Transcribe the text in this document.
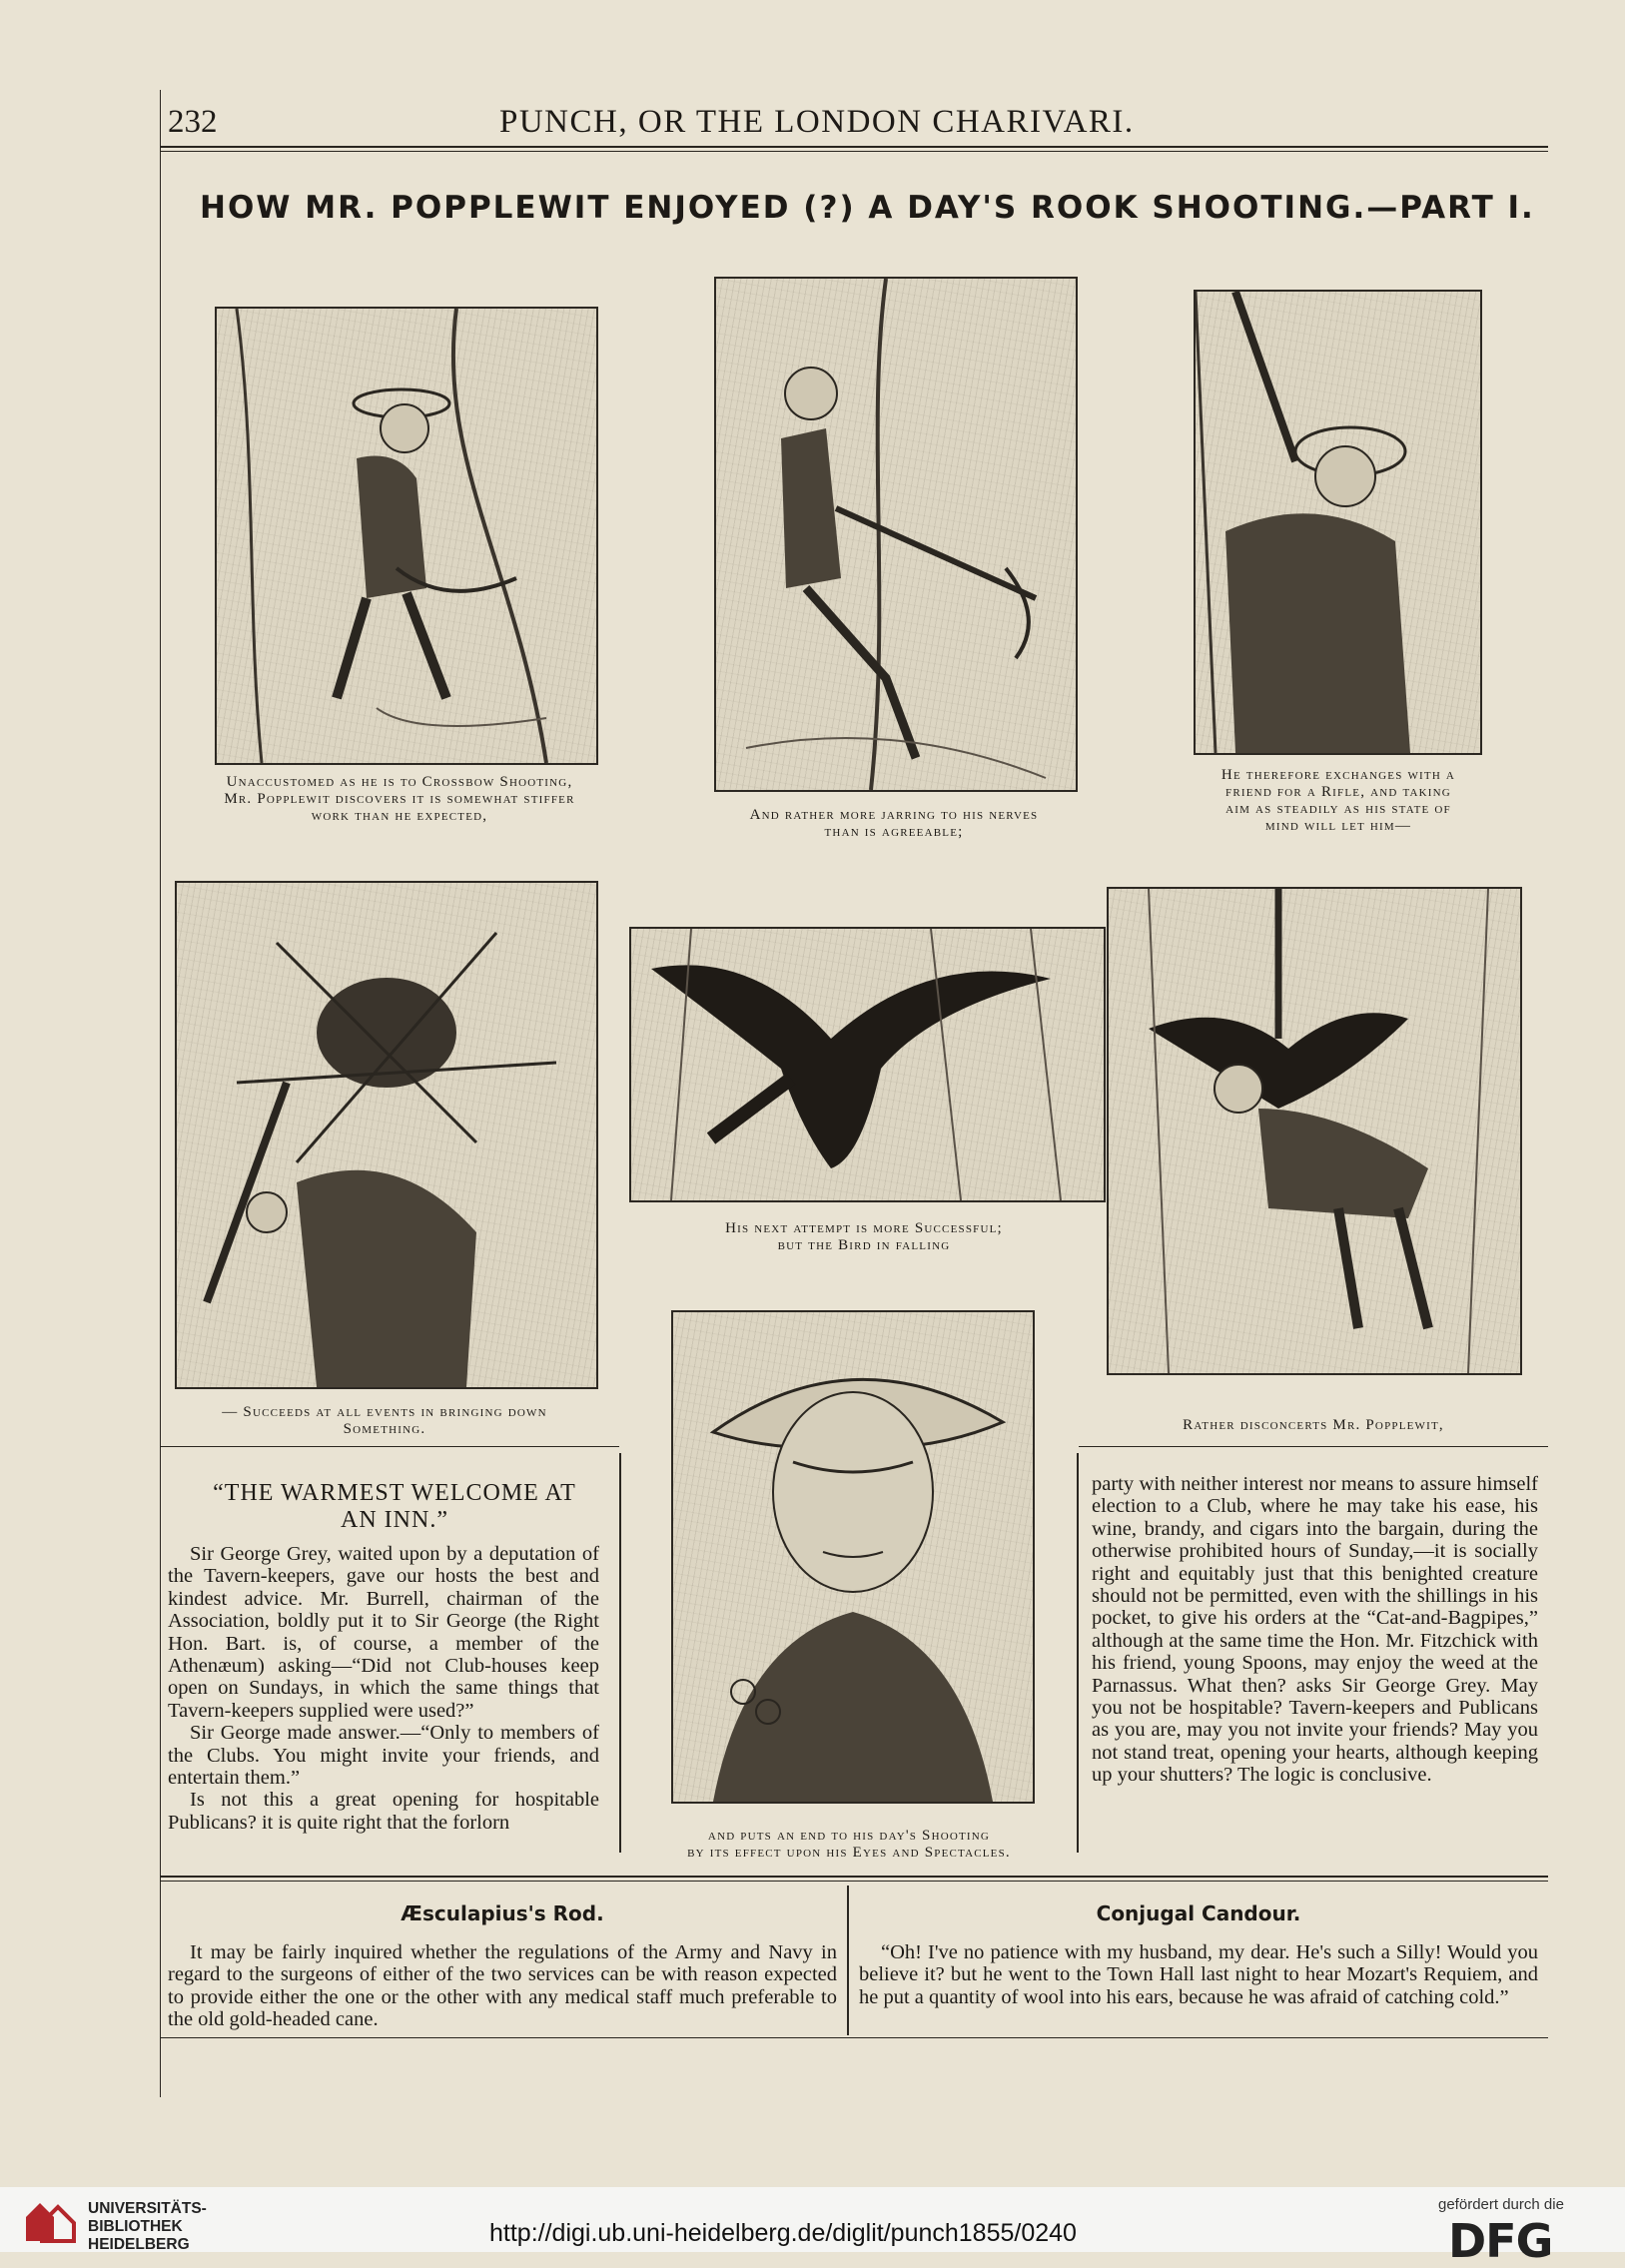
232	PUNCH, OR THE LONDON CHARIVARI.
HOW MR. POPPLEWIT ENJOYED (?) A DAY'S ROOK SHOOTING.—PART I.
Unaccustomed as he is to Crossbow Shooting,
Mr. Popplewit discovers it is somewhat stiffer
work than he expected,	And rather more jarring to his nerves
than is agreeable;
He therefore exchanges with a
friend for a Rifle, and taking
aim as steadily as his state of
mind will let him—
— Succeeds at all events in bringing down
Something.
His next attempt is more Successful;
but the Bird in falling
Rather disconcerts Mr. Popplewit,
and puts an end to his day's Shooting
by its effect upon his Eyes and Spectacles.
“THE WARMEST WELCOME AT
AN INN.”

Sir George Grey, waited upon by a deputation of the Tavern-keepers, gave our hosts the best and kindest advice. Mr. Burrell, chairman of the Association, boldly put it to Sir George (the Right Hon. Bart. is, of course, a member of the Athenæum) asking—“Did not Club-houses keep open on Sundays, in which the same things that Tavern-keepers supplied were used?”

Sir George made answer.—“Only to members of the Clubs. You might invite your friends, and entertain them.”

Is not this a great opening for hospitable Publicans? it is quite right that the forlorn

party with neither interest nor means to assure himself election to a Club, where he may take his ease, his wine, brandy, and cigars into the bargain, during the otherwise prohibited hours of Sunday,—it is socially right and equitably just that this benighted creature should not be permitted, even with the shillings in his pocket, to give his orders at the “Cat-and-Bagpipes,” although at the same time the Hon. Mr. Fitzchick with his friend, young Spoons, may enjoy the weed at the Parnassus. What then? asks Sir George Grey. May you not be hospitable? Tavern-keepers and Publicans as you are, may you not invite your friends? May you not stand treat, opening your hearts, although keeping up your shutters? The logic is conclusive.

Æsculapius's Rod.

It may be fairly inquired whether the regulations of the Army and Navy in regard to the surgeons of either of the two services can be with reason expected to provide either the one or the other with any medical staff much preferable to the old gold-headed cane.

Conjugal Candour.

“Oh! I've no patience with my husband, my dear. He's such a Silly! Would you believe it? but he went to the Town Hall last night to hear Mozart's Requiem, and he put a quantity of wool into his ears, because he was afraid of catching cold.”

UNIVERSITÄTS-
BIBLIOTHEK
HEIDELBERG	http://digi.ub.uni-heidelberg.de/diglit/punch1855/0240
gefördert durch die
DFG
